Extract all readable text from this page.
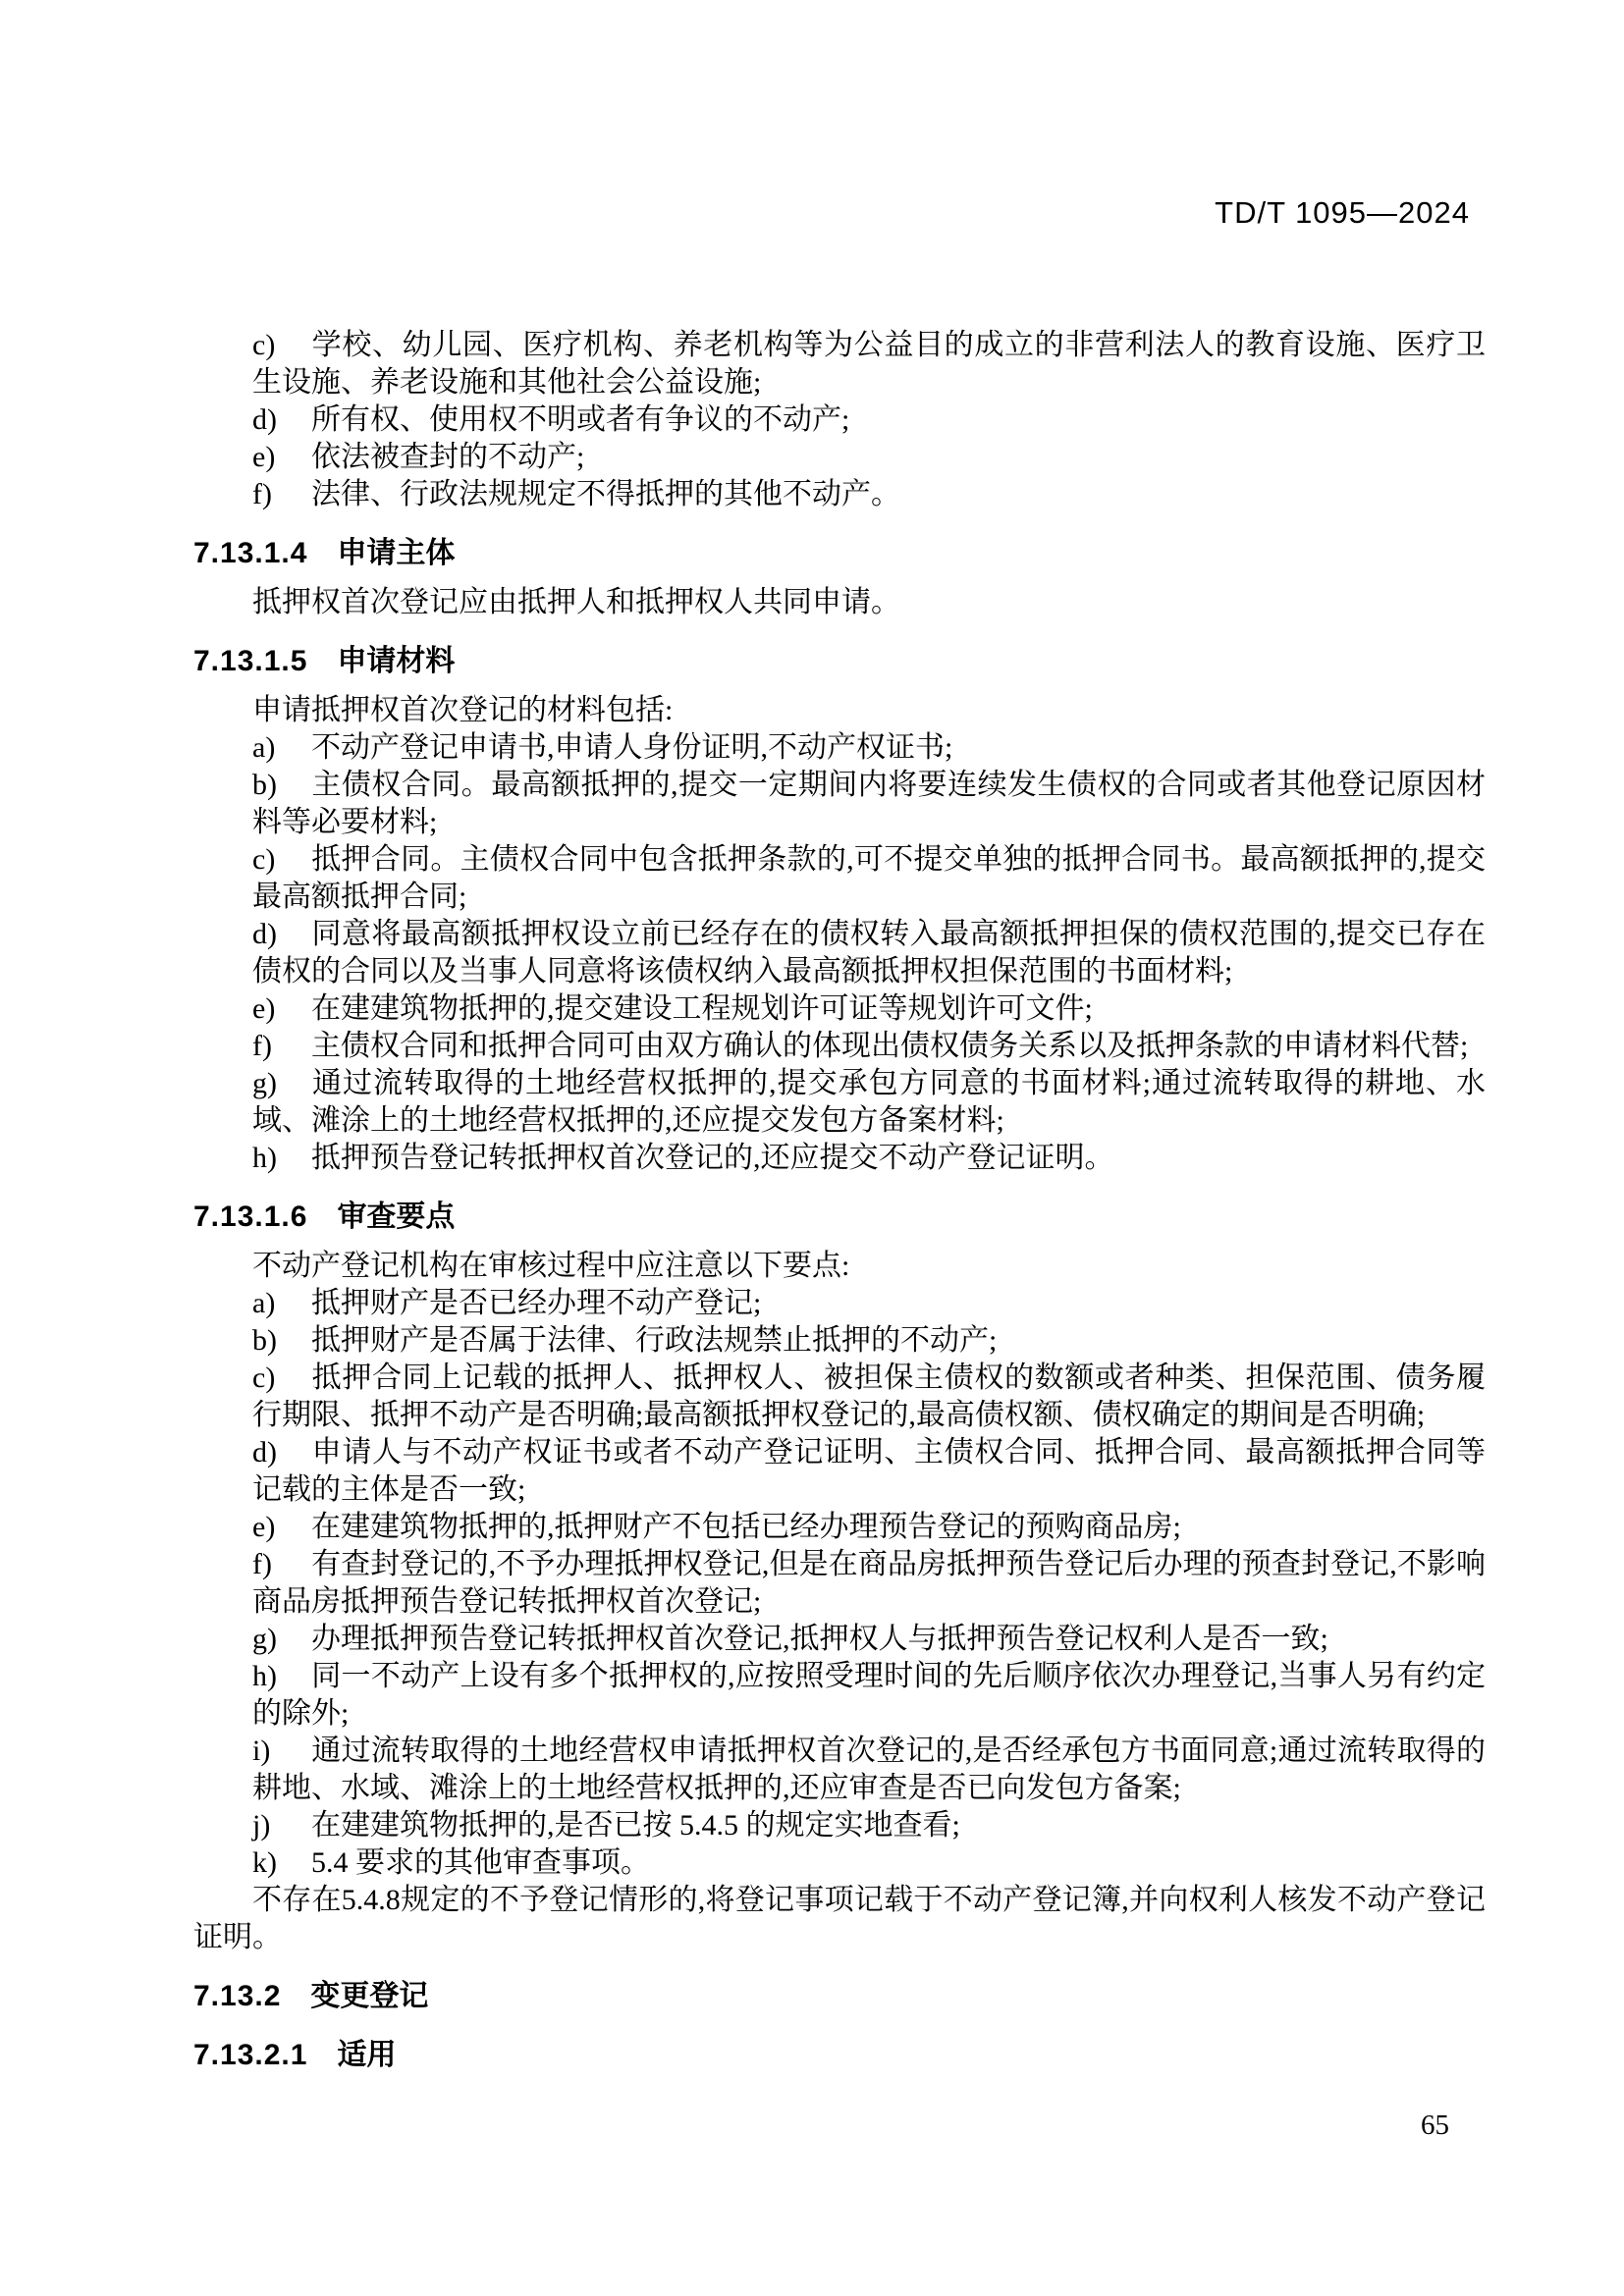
TD/T 1095—2024
c) 学校、幼儿园、医疗机构、养老机构等为公益目的成立的非营利法人的教育设施、医疗卫生设施、养老设施和其他社会公益设施;
d) 所有权、使用权不明或者有争议的不动产;
e) 依法被查封的不动产;
f) 法律、行政法规规定不得抵押的其他不动产。
7.13.1.4 申请主体

抵押权首次登记应由抵押人和抵押权人共同申请。

7.13.1.5 申请材料

申请抵押权首次登记的材料包括:

a) 不动产登记申请书,申请人身份证明,不动产权证书;
b) 主债权合同。最高额抵押的,提交一定期间内将要连续发生债权的合同或者其他登记原因材料等必要材料;
c) 抵押合同。主债权合同中包含抵押条款的,可不提交单独的抵押合同书。最高额抵押的,提交最高额抵押合同;
d) 同意将最高额抵押权设立前已经存在的债权转入最高额抵押担保的债权范围的,提交已存在债权的合同以及当事人同意将该债权纳入最高额抵押权担保范围的书面材料;
e) 在建建筑物抵押的,提交建设工程规划许可证等规划许可文件;
f) 主债权合同和抵押合同可由双方确认的体现出债权债务关系以及抵押条款的申请材料代替;
g) 通过流转取得的土地经营权抵押的,提交承包方同意的书面材料;通过流转取得的耕地、水域、滩涂上的土地经营权抵押的,还应提交发包方备案材料;
h) 抵押预告登记转抵押权首次登记的,还应提交不动产登记证明。
7.13.1.6 审查要点

不动产登记机构在审核过程中应注意以下要点:

a) 抵押财产是否已经办理不动产登记;
b) 抵押财产是否属于法律、行政法规禁止抵押的不动产;
c) 抵押合同上记载的抵押人、抵押权人、被担保主债权的数额或者种类、担保范围、债务履行期限、抵押不动产是否明确;最高额抵押权登记的,最高债权额、债权确定的期间是否明确;
d) 申请人与不动产权证书或者不动产登记证明、主债权合同、抵押合同、最高额抵押合同等记载的主体是否一致;
e) 在建建筑物抵押的,抵押财产不包括已经办理预告登记的预购商品房;
f) 有查封登记的,不予办理抵押权登记,但是在商品房抵押预告登记后办理的预查封登记,不影响商品房抵押预告登记转抵押权首次登记;
g) 办理抵押预告登记转抵押权首次登记,抵押权人与抵押预告登记权利人是否一致;
h) 同一不动产上设有多个抵押权的,应按照受理时间的先后顺序依次办理登记,当事人另有约定的除外;
i) 通过流转取得的土地经营权申请抵押权首次登记的,是否经承包方书面同意;通过流转取得的耕地、水域、滩涂上的土地经营权抵押的,还应审查是否已向发包方备案;
j) 在建建筑物抵押的,是否已按 5.4.5 的规定实地查看;
k) 5.4 要求的其他审查事项。

不存在5.4.8规定的不予登记情形的,将登记事项记载于不动产登记簿,并向权利人核发不动产登记证明。

7.13.2 变更登记
7.13.2.1 适用
65
